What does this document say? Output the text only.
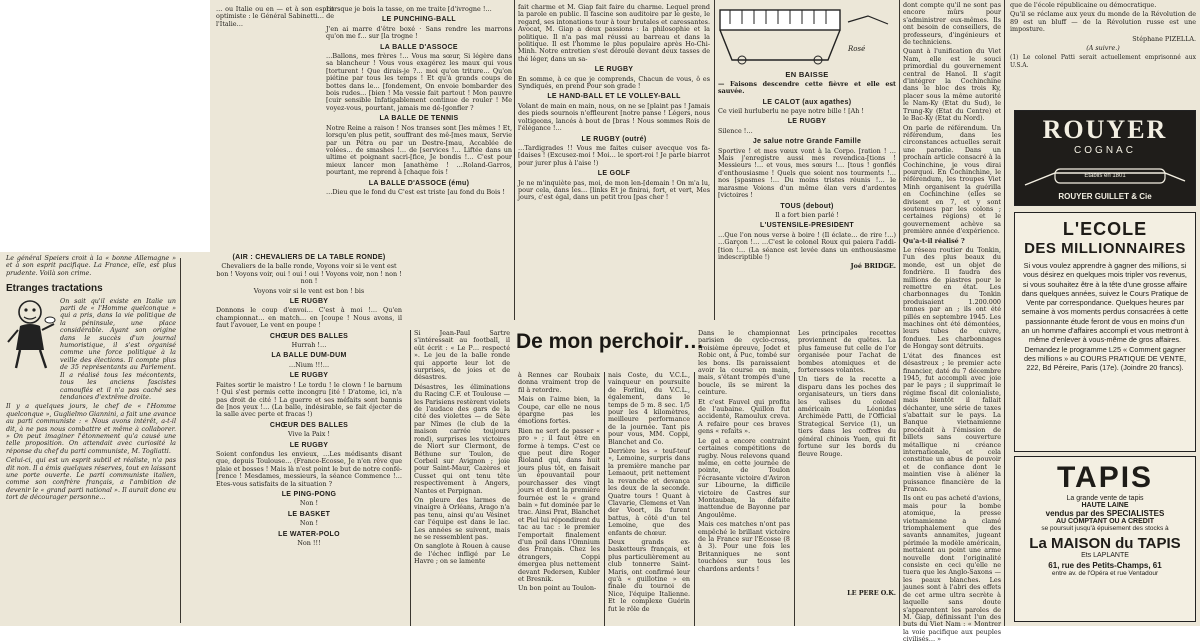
Le général Speiers croit à la « bonne Allemagne » et à son esprit pacifique. La France, elle, est plus prudente. Voilà son crime.

Etranges tractations

On sait qu'il existe en Italie un parti de « l'Homme quelconque » qui a pris, dans la vie politique de la péninsule, une place considérable. Ayant son origine dans le succès d'un journal humoristique, il s'est organisé comme une force politique à la veille des élections. Il compte plus de 35 représentants au Parlement. Il a réalisé tous les mécontents, tous les anciens fascistes camouflés et il n'a pas caché ses tendances d'extrême droite.

Il y a quelques jours, le chef de « l'Homme quelconque », Guglielmo Giannini, a fait une avance au parti communiste : « Nous avons intérêt, a-t-il dit, à ne pas nous combattre et même à collaborer. » On peut imaginer l'étonnement qu'a causé une telle proposition. On attendait avec curiosité la réponse du chef du parti communiste, M. Togliatti.

Celui-ci, qui est un esprit subtil et réaliste, n'a pas dit non. Il a émis quelques réserves, tout en laissant une porte ouverte. Le parti communiste italien, comme son confrère français, a l'ambition de devenir le « grand parti national ». Il aurait donc eu tort de décourager personne…

… ou Italie ou en — et à son esprit optimiste : le Général Sabinetti… de l'Italie…

Lorsque je bois la tasse, on me traite [d'ivrogne !…

LE PUNCHING-BALL

J'en ai marre d'être boxé · Sans rendre les marrons qu'on me f… sur [la trogne !

LA BALLE D'ASSOCE

…Ballons, mes frères !… Vous ma sœur, Si légère dans sa blancheur ! Vous vous exagérez les maux qui vous [torturent ! Que dirais-je ?… moi qu'on triture… Qu'on piétine par tous les temps ! Et qu'à grands coups de bottes dans le… [fondement, On envoie bombarder des bois rudes… [bien ! Ma vessie fait partout ! Mon pauvre [cuir sensible Infatigablement continue de rouler ! Me voyez-vous, pourtant, jamais me dé-[gonfler ?

LA BALLE DE TENNIS

Notre Reine a raison ! Nos transes sont [les mêmes ! Et, lorsqu'en plus petit, souffrant des mê-[mes maux, Servie par un Pétra ou par un Destre-[mau, Accablée de volées… de smashes !… de [services !… Liftée dans un ultime et poignant sacri-[fice, Je bondis !… C'est pour mieux lancer mon [anathème ! …Roland-Garros, pourtant, me reprend à [chaque fois !

LA BALLE D'ASSOCE (ému)

…Dieu que le fond du C'est est triste [au fond du Bois !

(AIR : CHEVALIERS DE LA TABLE RONDE)

Chevaliers de la balle ronde, Voyons voir si le vent est bon ! Voyons voir, oui ! oui ! oui ! Voyons voir, non ! non ! non !

Voyons voir si le vent est bon ! bis

LE RUGBY

Donnons le coup d'envoi… C'est à moi !… Qu'en championnat… en match… en [coupe ! Nous avons, il faut l'avouer, Le vent en poupe !

CHŒUR DES BALLES

Hurrah !…

LA BALLE DUM-DUM

…Nium !!!…

LE RUGBY

Faites sortir le maistro ! Le tordu ! le clown ! le barnum ! Qui s'est permis cette incongru [ité ! D'atome, ici, n'a pas droit de cité ! La guerre et ses méfaits sont bannis de [nos yeux !… (La balle, indésirable, se fait éjecter de la salle avec perte et fracas !)

CHŒUR DES BALLES

Vive la Paix !

LE RUGBY

Soient confondus les envieux, …Les médisants disant que, depuis Toulouse… (France-Ecosse, Je n'en rêve que plaie et bosses ! Mais là n'est point le but de notre confé-[rence ! Mesdames, messieurs, la séance Commence !… Etes-vous satisfaits de la situation ?

LE PING-PONG

Non !

LE BASKET

Non !

LE WATER-POLO

Non !!!

fait charme et M. Giap fait faire du charme. Lequel prend la parole en public. Il fascine son auditoire par le geste, le regard, ses intonations tour à tour brutales et caressantes. Avocat, M. Giap a deux passions : la philosophie et la politique. Il n'a pas mal réussi au barreau et dans la politique. Il est l'homme le plus populaire après Ho-Chi-Minh. Notre entretien s'est déroulé devant deux tasses de thé léger, dans un sa-

LE RUGBY

En somme, à ce que je comprends, Chacun de vous, ô es Syndiqués, en prend Pour son grade !

LE HAND-BALL ET LE VOLLEY-BALL

Volant de main en main, nous, on ne se [plaint pas ! Jamais des pieds sournois n'effleurent [notre panse ! Légers, nous voltigeons, lancés à bout de [bras ! Nous sommes Rois de l'élégance !…

LE RUGBY (outré)

…Tardigrades !! Vous me faites cuiser avecque vos fa-[daises ! (Excusez-moi ! Moi… le sport-roi ! Je parle biarrot pour jurer plus à l'aise !)

LE GOLF

Je ne m'inquiète pas, moi, de mon len-[demain ! On m'a lu, pour cela, dans les… [links Et je finirai, fort, et vert, Mes jours, c'est égal, dans un petit trou [pas cher !

Rosé
EN BAISSE

— Faisons descendre cette fièvre et elle est sauvée.

LE CALOT (aux agathes)

Ce vieil hurluberlu ne paye notre bille ! [Ah !

LE RUGBY

Silence !…

Je salue notre Grande Famille

Sportive ! et mes vœux vont à la Corpo. [ration ! …Mais j'enregistre aussi mes revendica-[tions ! Messieurs !… et vous, mes sœurs !… [tous ! gonflés d'enthousiasme ! Quels que soient nos tourments !… nos [spasmes !… Du moins tristes réunis !… le marasme Voions d'un même élan vers d'ardentes [victoires !

TOUS (debout)

Il a fort bien parlé !

L'USTENSILE-PRESIDENT

…Que l'on nous verse à boire ! (Il éclate… de rire !…) …Garçon !… …C'est le colonel Roux qui paiera l'addi-[tion !… (La séance est levée dans un enthousiasme indescriptible !)

Joé BRIDGE.

Si Jean-Paul Sartre s'intéressait au football, il eût écrit : « Le P… respecté ». Le jeu de la balle ronde qui apporte leur lot de surprises, de joies et de désastres.

Désastres, les éliminations du Racing C.F. et Toulouse — les Parisiens restèrent violets de l'audace des gars de la cité des violettes — de Sète par Nîmes (le club de la maison carrée toujours rond), surprises les victoires de Niort sur Clermont, de Béthune sur Toulon, de Corbeil sur Avignon ; joie pour Saint-Maur, Cazères et Cusset qui ont tenu tête respectivement à Angers, Nantes et Perpignan.

On pleure des larmes de vinaigre à Orléans, Arago n'a pas tenu, ainsi qu'au Vésinet car l'équipe est dans le lac. Les années se suivent, mais ne se ressemblent pas.

On sanglote à Rouen à cause de l'échec infligé par Le Havre ; on se lamente

De mon perchoir…

à Rennes car Roubaix donna vraiment trop de fil à retordre.

Mais on l'aime bien, la Coupe, car elle ne nous épargne pas les émotions fortes.

Rien ne sert de passer « pro » ; il faut être en forme à temps. C'est ce que peut dire Roger Rioland qui, dans huit jours plus tôt, en faisait un épouvantail pour pourchasser des vingt jours et dont la première fournée est le « grand bain » fut dominée par le trac. Ainsi Prat, Blanchet et Piel lui répondirent du tac au tac : le premier l'emportait finalement d'un poil dans l'Omnium des Français. Chez les étrangers, Coppi émergea plus nettement devant Pedersen, Kubler et Bresnik.

Un bon point au Toulon-

nais Coste, du V.C.L., vainqueur en poursuite de Forlini, du V.C.L., également, dans le temps de 5 m. 8 sec. 1/5 pour les 4 kilomètres, meilleure performance de la journée. Tant pis pour vous, MM. Coppi, Blanchet and Co.

Derrière les « teuf-teuf », Lemoine, surpris dans la première manche par Lemaout, prit nettement la revanche et devança les deux de la seconde. Quatre tours ! Quant à Clavarie, Clemens et Van der Voort, ils furent battus, à côté d'un tel Lemoine, que des enfants de chœur.

Deux grands ex-basketteurs français, et plus particulièrement au club tonnerre Saint-Maris, ont confirmé leur qu'à « guillotine » en finale du tournoi de Nice, l'équipe Italienne. Et le complexe Guérin fut le rôle de

Dans le championnat parisien de cyclo-cross, troisième épreuve, Jodet et Robic ont, à Puc, tombé sur les bons. Ils paraissaient avoir la course en main, mais, s'étant trompés d'une boucle, ils se mirent la ceinture.

Et c'est Fauvel qui profita de l'aubaine. Quillon fut accidenté, Ramoulux creva. A refaire pour ces braves gens « refaits ».

Le gel a encore contraint certaines compétitions de rugby. Nous relevons quand même, en cette journée de pointe, de Toulon l'écrasante victoire d'Aviron sur Libourne, la difficile victoire de Castres sur Montauban, la défaite inattendue de Bayonne par Angoulême.

Mais ces matches n'ont pas empêché le brillant victoire de la France sur l'Ecosse (8 à 3). Pour une fois les Britanniques ne sont touchées sur tous les chardons ardents !

LE PERE O.K.

Les principales recettes proviennent de quêtes. La plus fameuse fut celle de l'or organisée pour l'achat de bombes atomiques et de forteresses volantes.

Un tiers de la recette a disparu dans les poches des organisateurs, un tiers dans les valises du colonel américain Léonidas Archimède Patti, de l'Official Strategical Service (1), un tiers dans les coffres du général chinois Yuen, qui fit fortune sur les bords du fleuve Rouge.

dont compte qu'il ne sont pas encore mûrs pour s'administrer eux-mêmes. Ils ont besoin de conseillers, de professeurs, d'ingénieurs et de techniciens.

Quant à l'unification du Viet Nam, elle est le souci primordial du gouvernement central de Hanoï. Il s'agit d'intégrer la Cochinchine dans le bloc des trois Ky, placer sous la même autorité le Nam-Ky (Etat du Sud), le Trung-Ky (Etat du Centre) et le Bac-Ky (Etat du Nord).

On parle de référendum. Un référendum, dans les circonstances actuelles serait une parodie. Dans un prochain article consacré à la Cochinchine, je vous dirai pourquoi. En Cochinchine, le référendum, les troupes Viet Minh organisent la guérilla en Cochinchine (elles se divisent en 7, et y sont soutenues par les colons ; certaines régions) et le gouvernement achève sa première année d'expérience.

Qu'a-t-il réalisé ?

Le réseau routier du Tonkin, l'un des plus beaux du monde, est un objet de fondrière. Il faudra des millions de piastres pour le remettre en état. Les charbonnages du Tonkin produisaient 1.200.000 tonnes par an ; ils ont été pillés en septembre 1945. Les machines ont été démontées, leurs tubes de cuivre, fondues. Les charbonnages de Hongay sont détruits.

L'état des finances est désastreux ; le premier acte financier, daté du 7 décembre 1945, fut accompli avec joie par le pays ; il supprimait le régime fiscal dit colonialiste, mais bientôt il fallait déchanter, une série de taxes s'abattait sur le pays. La Banque vietnamienne procédait à l'émission de billets sans couverture métallique ni créance internationale, et cela constitue un abus de pouvoir et de confiance dont le maintien vise à aliéner la puissance financière de la France.

Ils ont eu pas acheté d'avions, mais pour la bombe atomique, la presse vietnamienne a clamé triomphalement que des savants annamites, jugeant périmée la modèle américain, mettaient au point une arme nouvelle dont l'originalité consiste en ceci qu'elle ne tuera que les Anglo-Saxons — les peaux blanches. Les jaunes sont à l'abri des effets de cet arme ultra secrète à laquelle sans doute s'apparentent les paroles de M. Giap, définissant l'un des buts du Viet Nam : « Montrer la voie pacifique aux peuples civilisés… »

que de l'école républicaine ou démocratique.

Qu'il se réclame aux yeux du monde de la Révolution de 89 est un bluff — de la Révolution russe est une imposture.

Stéphane PIZELLA.

(A suivre.)

(1) Le colonel Patti serait actuellement emprisonné aux U.S.A.

ROUYER
COGNAC
Etablis en 1801
ROUYER GUILLET & Cie
L'ECOLE
DES MILLIONNAIRES
Si vous voulez apprendre à gagner des millions, si vous désirez en quelques mois tripler vos revenus, si vous souhaitez être à la tête d'une grosse affaire dans quelques années, suivez le Cours Pratique de Vente par correspondance. Quelques heures par semaine à vos moments perdus consacrées à cette passionnante étude feront de vous en moins d'un an un homme d'affaires accompli et vous mettront à même d'enlever à vous-même de gros affaires. Demandez le programme L25 « Comment gagner des millions » au COURS PRATIQUE DE VENTE, 222, Bd Péreire, Paris (17e). (Joindre 20 francs).
TAPIS
La grande vente de tapis
HAUTE LAINE
vendus par des SPECIALISTES
AU COMPTANT OU A CREDIT
se poursuit jusqu'à épuisement des stocks à
La MAISON du TAPIS
Ets LAPLANTE
61, rue des Petits-Champs, 61
entre av. de l'Opéra et rue Ventadour
